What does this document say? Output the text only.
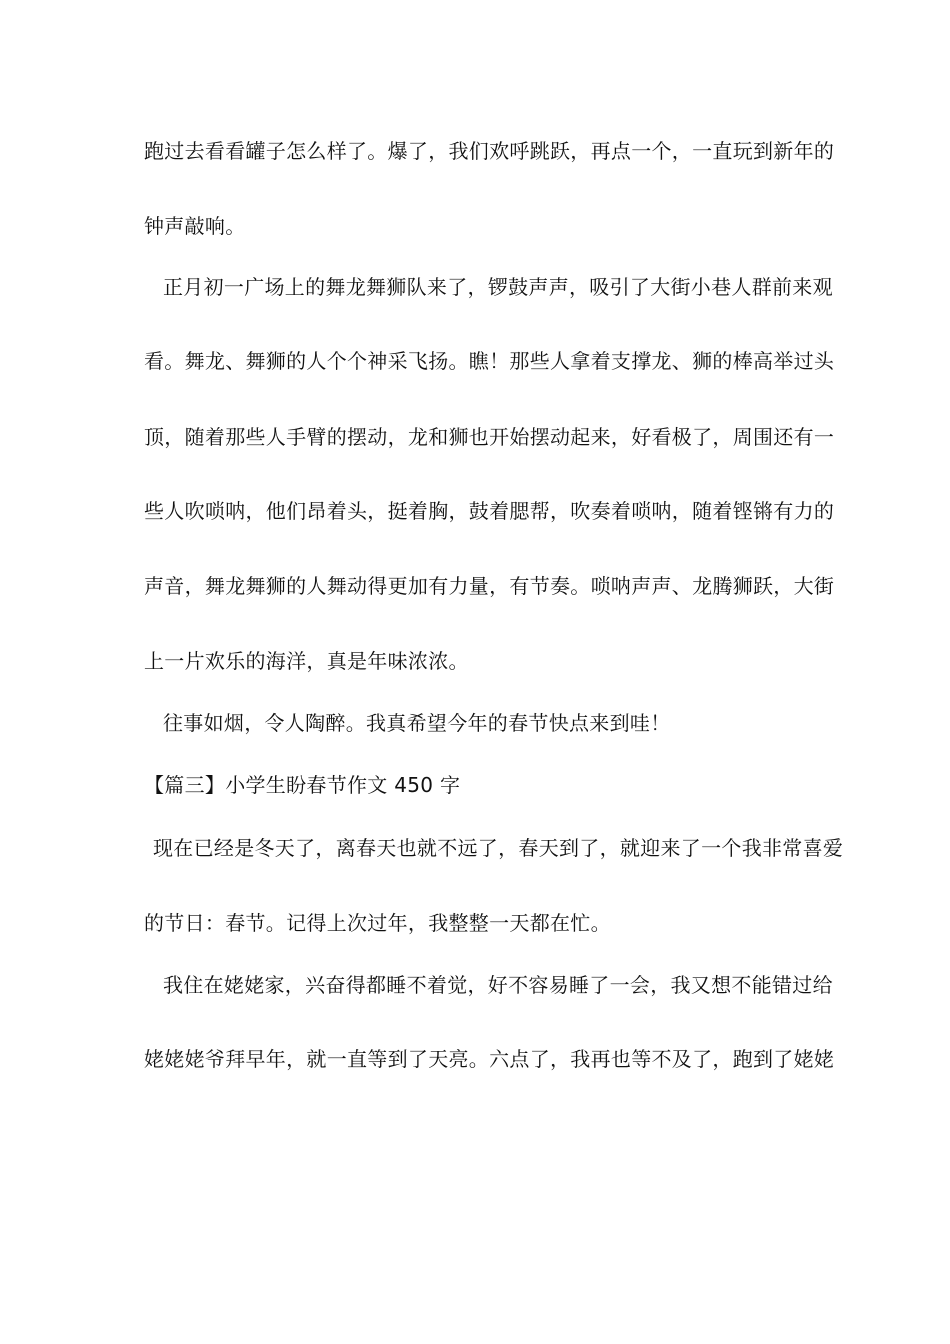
跑过去看看罐子怎么样了。爆了，我们欢呼跳跃，再点一个，一直玩到新年的
钟声敲响。
正月初一广场上的舞龙舞狮队来了，锣鼓声声，吸引了大街小巷人群前来观
看。舞龙、舞狮的人个个神采飞扬。瞧！那些人拿着支撑龙、狮的棒高举过头
顶，随着那些人手臂的摆动，龙和狮也开始摆动起来，好看极了，周围还有一
些人吹唢呐，他们昂着头，挺着胸，鼓着腮帮，吹奏着唢呐，随着铿锵有力的
声音，舞龙舞狮的人舞动得更加有力量，有节奏。唢呐声声、龙腾狮跃，大街
上一片欢乐的海洋，真是年味浓浓。
往事如烟，令人陶醉。我真希望今年的春节快点来到哇！
【篇三】小学生盼春节作文 450 字
现在已经是冬天了，离春天也就不远了，春天到了，就迎来了一个我非常喜爱
的节日：春节。记得上次过年，我整整一天都在忙。
我住在姥姥家，兴奋得都睡不着觉，好不容易睡了一会，我又想不能错过给
姥姥姥爷拜早年，就一直等到了天亮。六点了，我再也等不及了，跑到了姥姥
